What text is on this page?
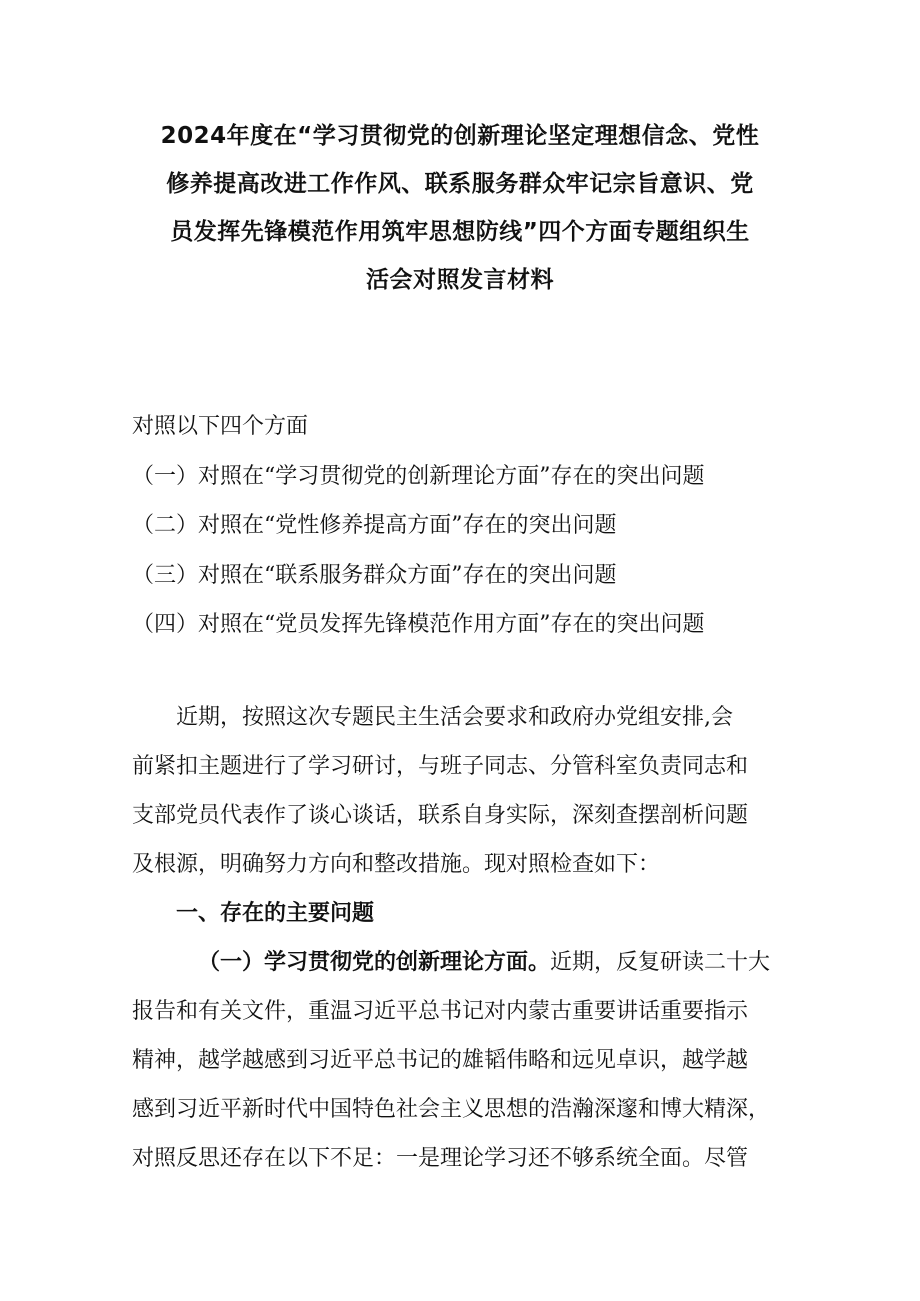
2024年度在“学习贯彻党的创新理论坚定理想信念、党性
修养提高改进工作作风、联系服务群众牢记宗旨意识、党
员发挥先锋模范作用筑牢思想防线”四个方面专题组织生
活会对照发言材料
对照以下四个方面
（一）对照在“学习贯彻党的创新理论方面”存在的突出问题
（二）对照在“党性修养提高方面”存在的突出问题
（三）对照在“联系服务群众方面”存在的突出问题
（四）对照在“党员发挥先锋模范作用方面”存在的突出问题
近期，按照这次专题民主生活会要求和政府办党组安排,会
前紧扣主题进行了学习研讨，与班子同志、分管科室负责同志和
支部党员代表作了谈心谈话，联系自身实际，深刻查摆剖析问题
及根源，明确努力方向和整改措施。现对照检查如下：
一、存在的主要问题
（一）学习贯彻党的创新理论方面。近期，反复研读二十大
报告和有关文件，重温习近平总书记对内蒙古重要讲话重要指示
精神，越学越感到习近平总书记的雄韬伟略和远见卓识，越学越
感到习近平新时代中国特色社会主义思想的浩瀚深邃和博大精深，
对照反思还存在以下不足：一是理论学习还不够系统全面。尽管
